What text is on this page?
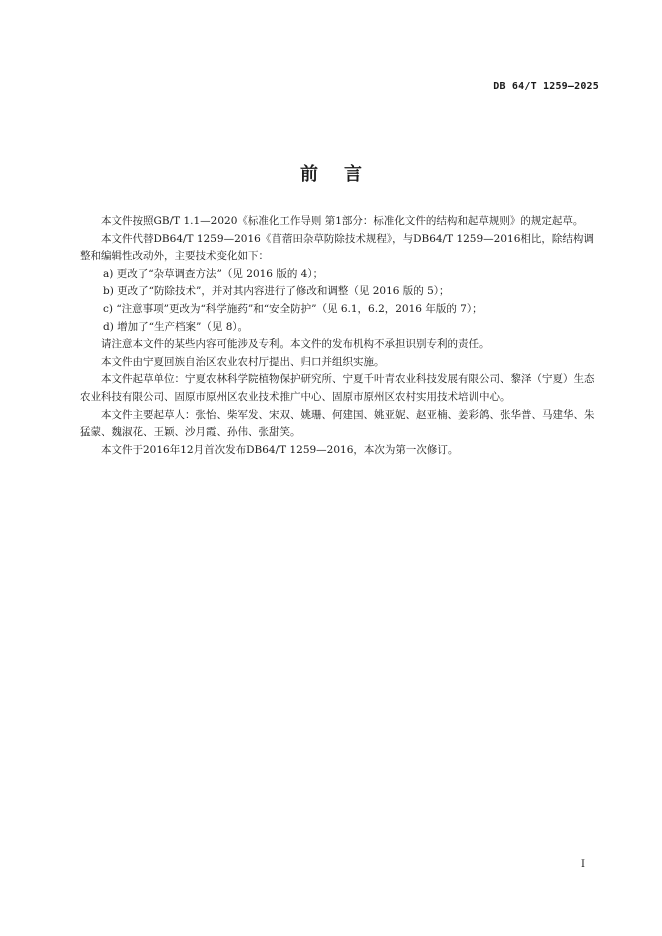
DB 64/T 1259—2025
前言

本文件按照GB/T 1.1—2020《标准化工作导则 第1部分：标准化文件的结构和起草规则》的规定起草。

本文件代替DB64/T 1259—2016《苜蓿田杂草防除技术规程》，与DB64/T 1259—2016相比，除结构调整和编辑性改动外，主要技术变化如下：

a) 更改了“杂草调查方法”（见 2016 版的 4）；

b) 更改了“防除技术”，并对其内容进行了修改和调整（见 2016 版的 5）；

c) “注意事项”更改为“科学施药”和“安全防护”（见 6.1，6.2，2016 年版的 7）；

d) 增加了“生产档案”（见 8）。

请注意本文件的某些内容可能涉及专利。本文件的发布机构不承担识别专利的责任。

本文件由宁夏回族自治区农业农村厅提出、归口并组织实施。

本文件起草单位：宁夏农林科学院植物保护研究所、宁夏千叶青农业科技发展有限公司、黎泽（宁夏）生态农业科技有限公司、固原市原州区农业技术推广中心、固原市原州区农村实用技术培训中心。

本文件主要起草人：张怡、柴军发、宋双、姚珊、何建国、姚亚妮、赵亚楠、姜彩鸽、张华普、马建华、朱猛蒙、魏淑花、王颖、沙月霞、孙伟、张甜笑。

本文件于2016年12月首次发布DB64/T 1259—2016，本次为第一次修订。

I
